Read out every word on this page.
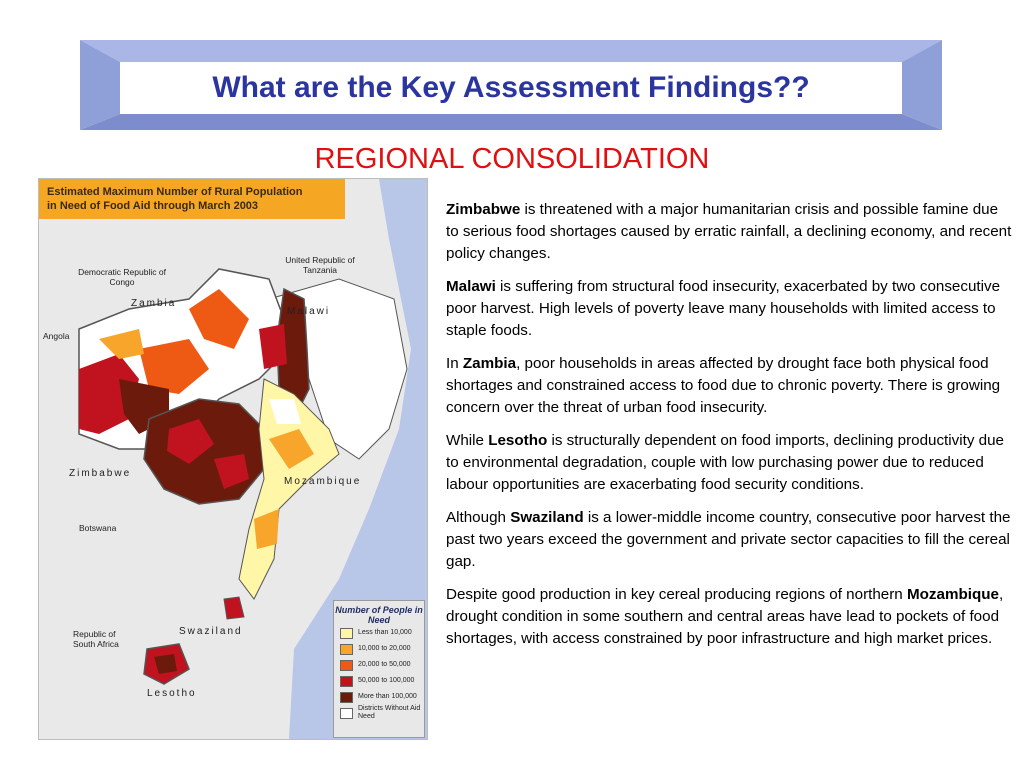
What are the Key Assessment Findings??
REGIONAL CONSOLIDATION
Estimated Maximum Number of Rural Population
in Need of Food Aid through March 2003
Democratic Republic of Congo
United Republic of Tanzania
Zambia
Malawi
Angola
Zimbabwe
Mozambique
Botswana
Swaziland
Republic of South Africa
Lesotho
Number of People in Need
Less than 10,000
10,000 to 20,000
20,000 to 50,000
50,000 to 100,000
More than 100,000
Districts Without Aid Need

Zimbabwe is threatened with a major humanitarian crisis and possible famine due to serious food shortages caused by erratic rainfall, a declining economy, and recent policy changes.

Malawi is suffering from structural food insecurity, exacerbated by two consecutive poor harvest. High levels of poverty leave many households with limited access to staple foods.

In Zambia, poor households in areas affected by drought face both physical food shortages and constrained access to food due to chronic poverty. There is growing concern over the threat of urban food insecurity.

While Lesotho is structurally dependent on food imports, declining productivity due to environmental degradation, couple with low purchasing power due to reduced labour opportunities are exacerbating food security conditions.

Although Swaziland is a lower-middle income country, consecutive poor harvest the past two years exceed the government and private sector capacities to fill the cereal gap.

Despite good production in key cereal producing regions of northern Mozambique, drought condition in some southern and central areas have lead to pockets of food shortages, with access constrained by poor infrastructure and high market prices.
